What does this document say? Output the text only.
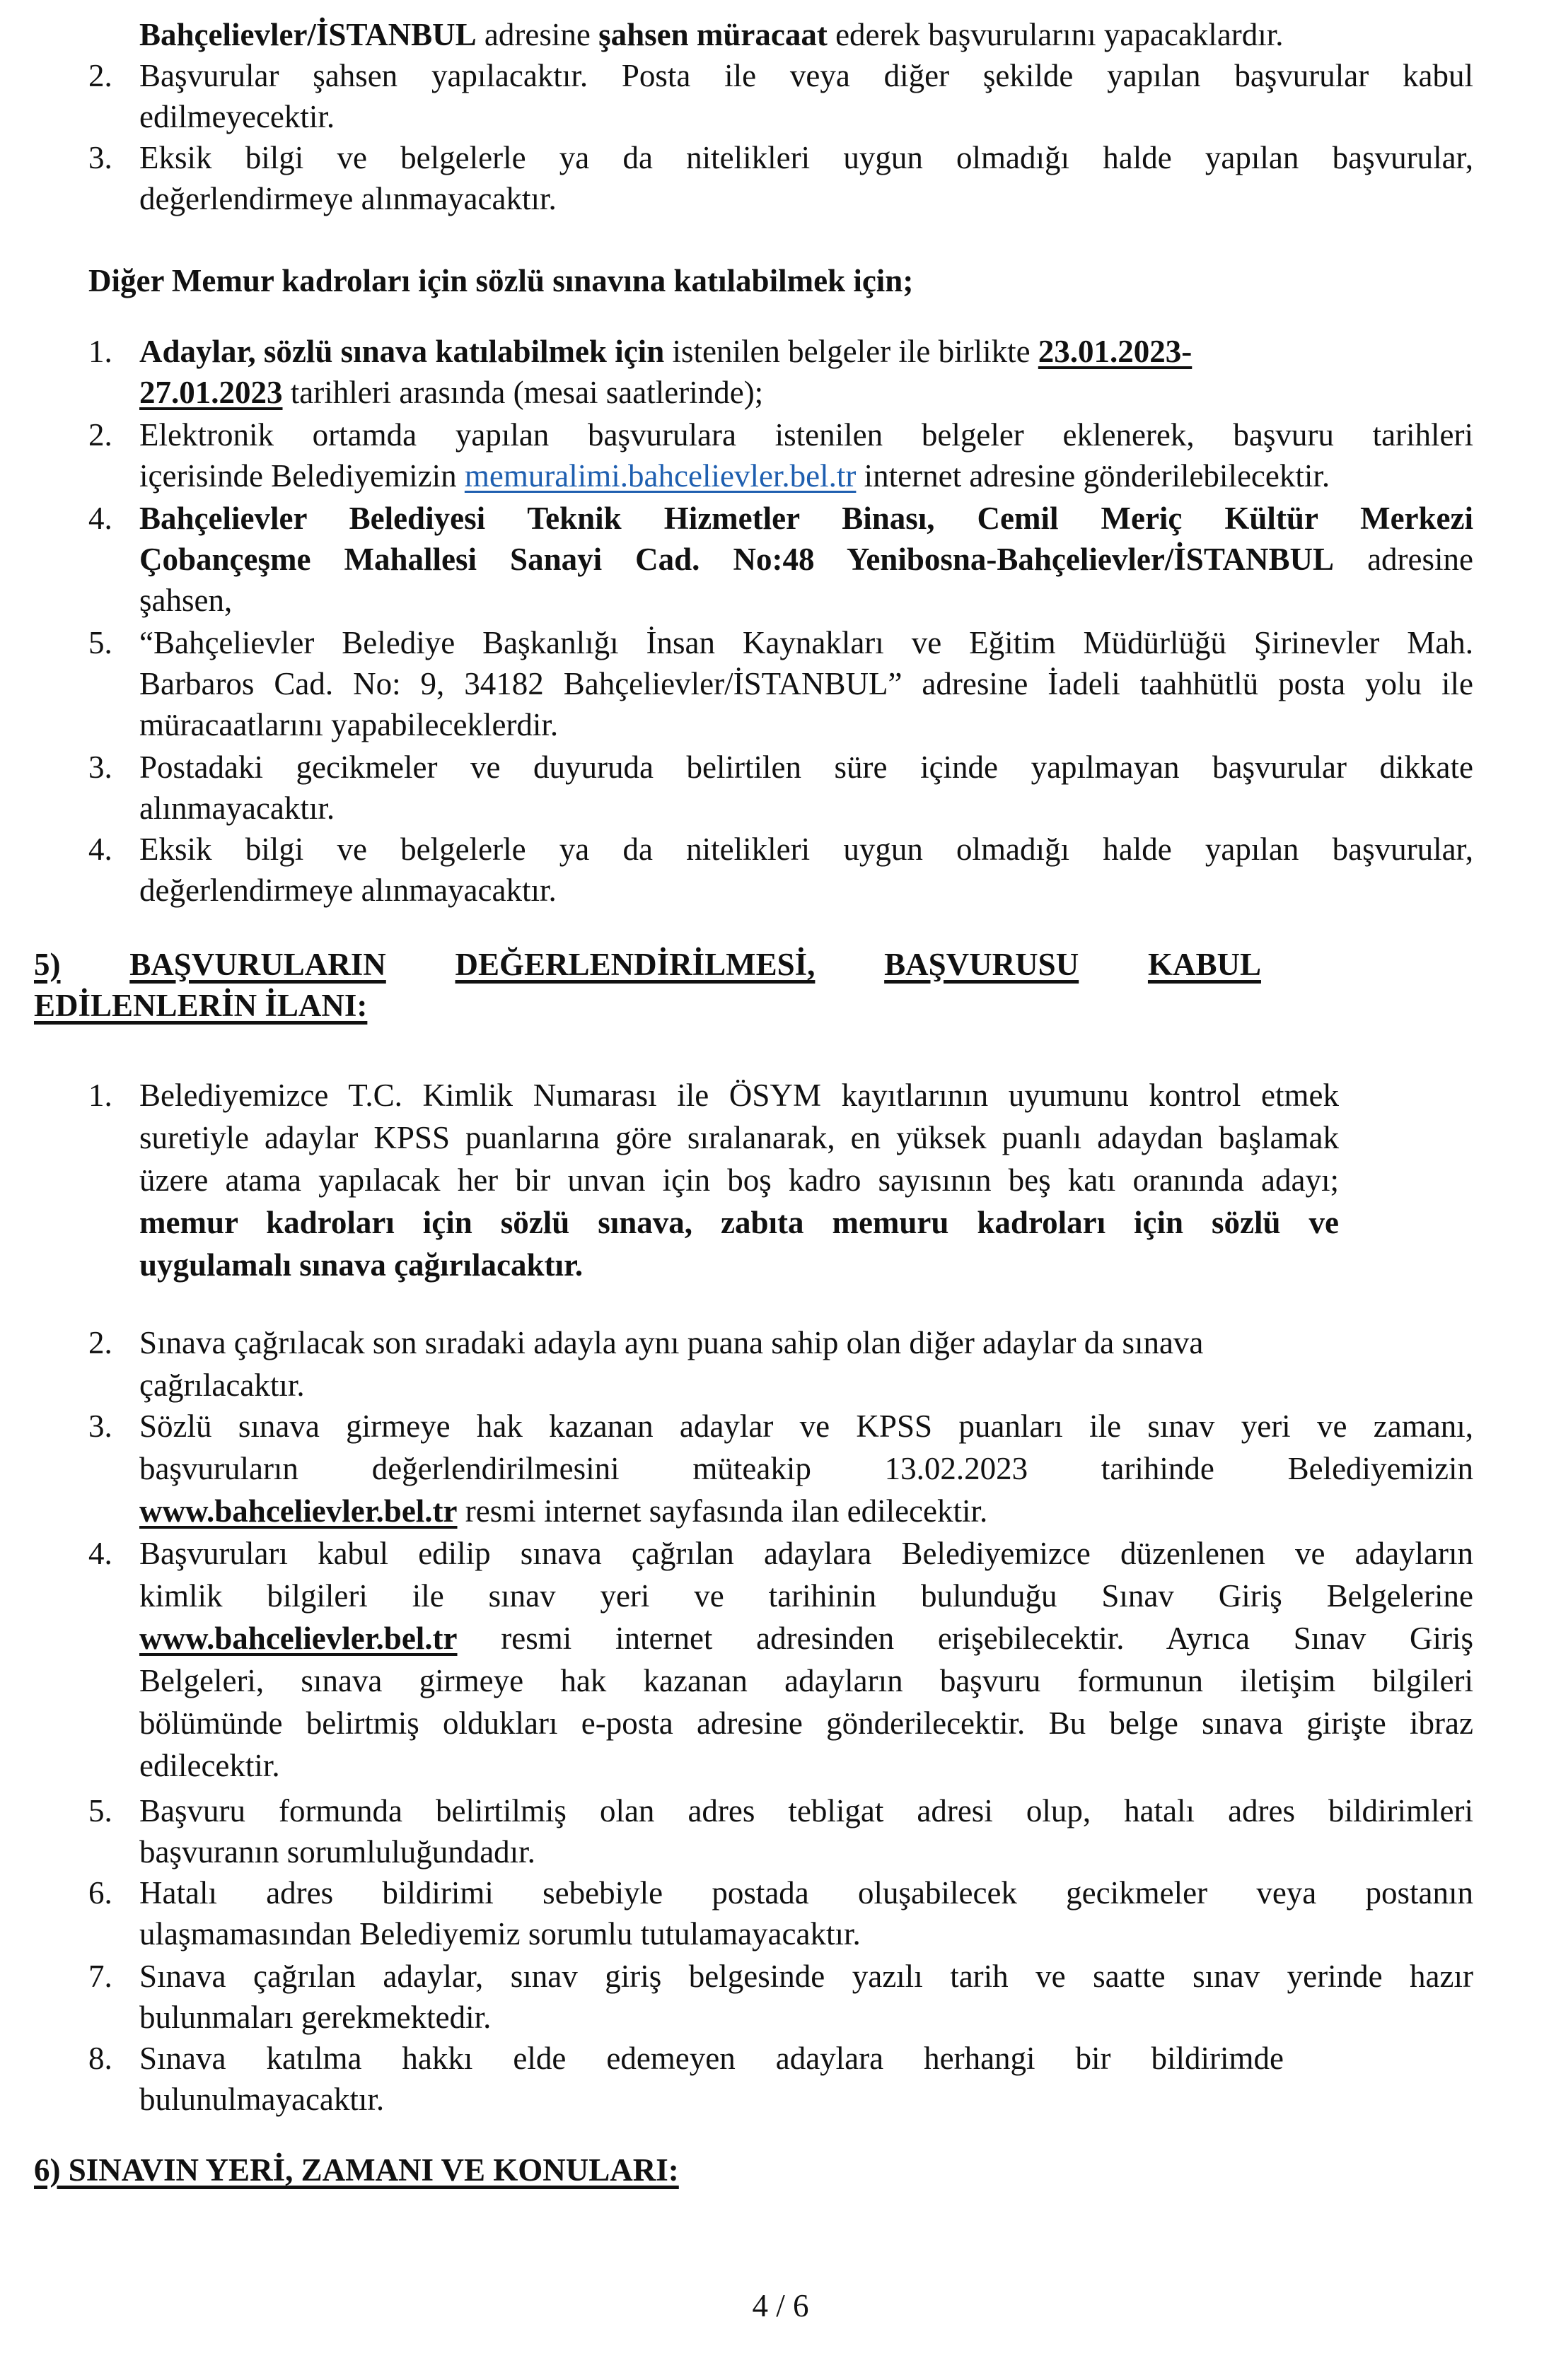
Bahçelievler/İSTANBUL adresine şahsen müracaat ederek başvurularını yapacaklardır.
2. Başvurular şahsen yapılacaktır. Posta ile veya diğer şekilde yapılan başvurular kabul
edilmeyecektir.
3. Eksik bilgi ve belgelerle ya da nitelikleri uygun olmadığı halde yapılan başvurular,
değerlendirmeye alınmayacaktır.
Diğer Memur kadroları için sözlü sınavına katılabilmek için;
1. Adaylar, sözlü sınava katılabilmek için istenilen belgeler ile birlikte 23.01.2023-
27.01.2023 tarihleri arasında (mesai saatlerinde);
2. Elektronik ortamda yapılan başvurulara istenilen belgeler eklenerek, başvuru tarihleri
içerisinde Belediyemizin memuralimi.bahcelievler.bel.tr internet adresine gönderilebilecektir.
4. Bahçelievler Belediyesi Teknik Hizmetler Binası, Cemil Meriç Kültür Merkezi
Çobançeşme Mahallesi Sanayi Cad. No:48 Yenibosna-Bahçelievler/İSTANBUL adresine
şahsen,
5. “Bahçelievler Belediye Başkanlığı İnsan Kaynakları ve Eğitim Müdürlüğü Şirinevler Mah.
Barbaros Cad. No: 9, 34182 Bahçelievler/İSTANBUL” adresine İadeli taahhütlü posta yolu ile
müracaatlarını yapabileceklerdir.
3. Postadaki gecikmeler ve duyuruda belirtilen süre içinde yapılmayan başvurular dikkate
alınmayacaktır.
4. Eksik bilgi ve belgelerle ya da nitelikleri uygun olmadığı halde yapılan başvurular,
değerlendirmeye alınmayacaktır.
5) BAŞVURULARIN DEĞERLENDİRİLMESİ, BAŞVURUSU KABUL
EDİLENLERİN İLANI:
1. Belediyemizce T.C. Kimlik Numarası ile ÖSYM kayıtlarının uyumunu kontrol etmek
suretiyle adaylar KPSS puanlarına göre sıralanarak, en yüksek puanlı adaydan başlamak
üzere atama yapılacak her bir unvan için boş kadro sayısının beş katı oranında adayı;
memur kadroları için sözlü sınava, zabıta memuru kadroları için sözlü ve
uygulamalı sınava çağırılacaktır.
2. Sınava çağrılacak son sıradaki adayla aynı puana sahip olan diğer adaylar da sınava
çağrılacaktır.
3. Sözlü sınava girmeye hak kazanan adaylar ve KPSS puanları ile sınav yeri ve zamanı,
başvuruların değerlendirilmesini müteakip 13.02.2023 tarihinde Belediyemizin
www.bahcelievler.bel.tr resmi internet sayfasında ilan edilecektir.
4. Başvuruları kabul edilip sınava çağrılan adaylara Belediyemizce düzenlenen ve adayların
kimlik bilgileri ile sınav yeri ve tarihinin bulunduğu Sınav Giriş Belgelerine
www.bahcelievler.bel.tr resmi internet adresinden erişebilecektir. Ayrıca Sınav Giriş
Belgeleri, sınava girmeye hak kazanan adayların başvuru formunun iletişim bilgileri
bölümünde belirtmiş oldukları e-posta adresine gönderilecektir. Bu belge sınava girişte ibraz
edilecektir.
5. Başvuru formunda belirtilmiş olan adres tebligat adresi olup, hatalı adres bildirimleri
başvuranın sorumluluğundadır.
6. Hatalı adres bildirimi sebebiyle postada oluşabilecek gecikmeler veya postanın
ulaşmamasından Belediyemiz sorumlu tutulamayacaktır.
7. Sınava çağrılan adaylar, sınav giriş belgesinde yazılı tarih ve saatte sınav yerinde hazır
bulunmaları gerekmektedir.
8. Sınava katılma hakkı elde edemeyen adaylara herhangi bir bildirimde
bulunulmayacaktır.
6) SINAVIN YERİ, ZAMANI VE KONULARI:
4 / 6
